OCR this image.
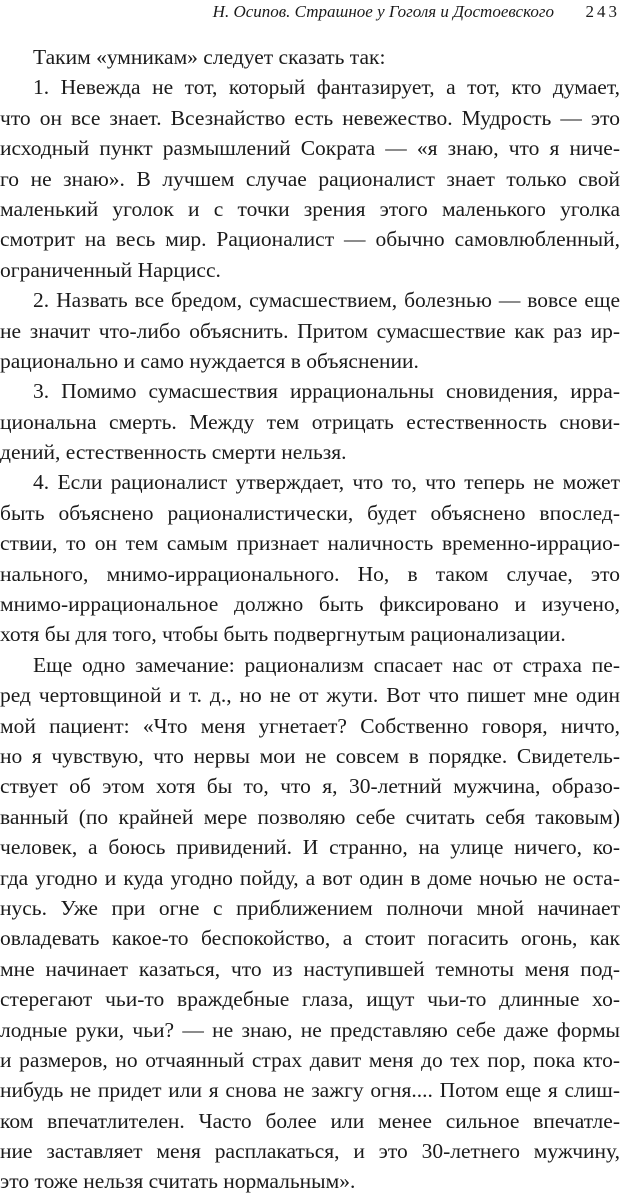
Н. Осипов. Страшное у Гоголя и Достоевского 243
Таким «умникам» следует сказать так:
1. Невежда не тот, который фантазирует, а тот, кто думает,
что он все знает. Всезнайство есть невежество. Мудрость — это
исходный пункт размышлений Сократа — «я знаю, что я ниче-
го не знаю». В лучшем случае рационалист знает только свой
маленький уголок и с точки зрения этого маленького уголка
смотрит на весь мир. Рационалист — обычно самовлюбленный,
ограниченный Нарцисс.
2. Назвать все бредом, сумасшествием, болезнью — вовсе еще
не значит что-либо объяснить. Притом сумасшествие как раз ир-
рационально и само нуждается в объяснении.
3. Помимо сумасшествия иррациональны сновидения, ирра-
циональна смерть. Между тем отрицать естественность снови-
дений, естественность смерти нельзя.
4. Если рационалист утверждает, что то, что теперь не может
быть объяснено рационалистически, будет объяснено впослед-
ствии, то он тем самым признает наличность временно-иррацио-
нального, мнимо-иррационального. Но, в таком случае, это
мнимо-иррациональное должно быть фиксировано и изучено,
хотя бы для того, чтобы быть подвергнутым рационализации.
Еще одно замечание: рационализм спасает нас от страха пе-
ред чертовщиной и т. д., но не от жути. Вот что пишет мне один
мой пациент: «Что меня угнетает? Собственно говоря, ничто,
но я чувствую, что нервы мои не совсем в порядке. Свидетель-
ствует об этом хотя бы то, что я, 30-летний мужчина, образо-
ванный (по крайней мере позволяю себе считать себя таковым)
человек, а боюсь привидений. И странно, на улице ничего, ко-
гда угодно и куда угодно пойду, а вот один в доме ночью не оста-
нусь. Уже при огне с приближением полночи мной начинает
овладевать какое-то беспокойство, а стоит погасить огонь, как
мне начинает казаться, что из наступившей темноты меня под-
стерегают чьи-то враждебные глаза, ищут чьи-то длинные хо-
лодные руки, чьи? — не знаю, не представляю себе даже формы
и размеров, но отчаянный страх давит меня до тех пор, пока кто-
нибудь не придет или я снова не зажгу огня.... Потом еще я слиш-
ком впечатлителен. Часто более или менее сильное впечатле-
ние заставляет меня расплакаться, и это 30-летнего мужчину,
это тоже нельзя считать нормальным».
